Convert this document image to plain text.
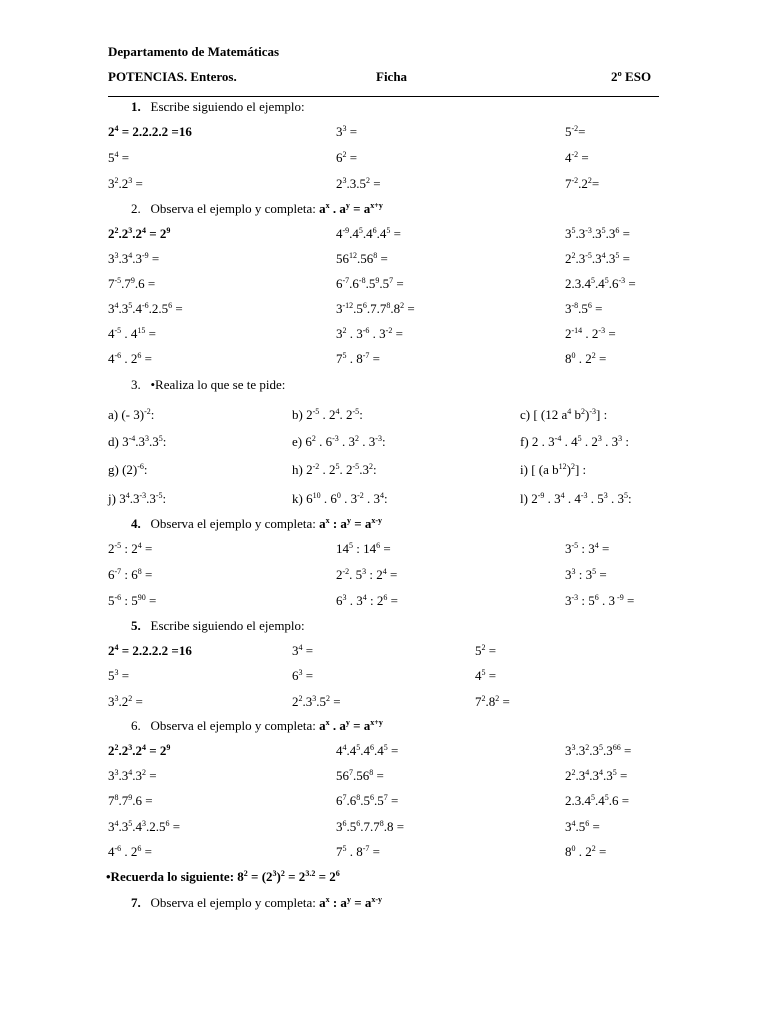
Departamento de Matemáticas
POTENCIAS. Enteros.	Ficha	2º ESO
1. Escribe siguiendo el ejemplo:
$2^4 = 2.2.2.2 =16$	$3^3$ =	$5^{-2}=$
$5^4$ =	$6^2$ =	$4^{-2}$ =
$3^2.2^3$ =	$2^3.3.5^2$ =	$7^{-2}.2^2=$
2. Observa el ejemplo y completa: $a^x$ . $a^y = a^{x+y}$
$2^2.2^3.2^4 = 2^9$	$4^{-9}.4^5.4^6.4^5$ =	$3^5.3^{-3}.3^5.3^6$ =
$3^3.3^4.3^{-9}$ =	$56^{12}.56^8$ =	$2^2.3^{-5}.3^4.3^5$ =
$7^{-5}.7^9.6$ =	$6^{-7}.6^{-8}.5^9.5^7$ =	$2.3.4^5.4^5.6^{-3}$ =
$3^4.3^5.4^{-6}.2.5^6$ =	$3^{-12}.5^6.7.7^8.8^2$ =	$3^{-8}.5^6$ =
$4^{-5}$ . $4^{15}$ =	$3^2$ . $3^{-6}$ . $3^{-2}$ =	$2^{-14}$ . $2^{-3}$ =
$4^{-6}$ . $2^6$ =	$7^5$ . $8^{-7}$ =	$8^0$ . $2^2$ =
3. •Realiza lo que se te pide:
a) (- 3)$^{-2}$:	b) $2^{-5}$ . $2^4$. $2^{-5}$:	c) [ (12 $a^4$ $b^2)^{-3}$] :
d) $3^{-4}.3^3.3^5$:	e) $6^2$ . $6^{-3}$ . $3^2$ . $3^{-3}$:	f) 2 . $3^{-4}$ . $4^5$ . $2^3$ . $3^3$ :
g) $(2)^{-6}$:	h) $2^{-2}$ . $2^5$. $2^{-5}.3^2$:	i) [ (a $b^{12})^2$] :
j) $3^4.3^{-3}.3^{-5}$:	k) $6^{10}$ . $6^0$ . $3^{-2}$ . $3^4$:	l) $2^{-9}$ . $3^4$ . $4^{-3}$ . $5^3$ . $3^5$:
4. Observa el ejemplo y completa: $a^x$ : $a^y = a^{x-y}$
$2^{-5}$ : $2^4$ =	$14^5$ : $14^6$ =	$3^{-5}$ : $3^4$ =
$6^{-7}$ : $6^8$ =	$2^{-2}$. $5^3$ : $2^4$ =	$3^3$ : $3^5$ =
$5^{-6}$ : $5^{90}$ =	$6^3$ . $3^4$ : $2^6$ =	$3^{-3}$ : $5^6$ . 3 $^{-9}$ =
5. Escribe siguiendo el ejemplo:
$2^4 = 2.2.2.2 =16$	$3^4$ =	$5^2$ =
$5^3$ =	$6^3$ =	$4^5$ =
$3^3.2^2$ =	$2^2.3^3.5^2$ =	$7^2.8^2$ =
6. Observa el ejemplo y completa: $a^x$ . $a^y = a^{x+y}$
$2^2.2^3.2^4 = 2^9$	$4^4.4^5.4^6.4^5$ =	$3^3.3^2.3^5.3^{66}$ =
$3^3.3^4.3^2$ =	$56^7.56^8$ =	$2^2.3^4.3^4.3^5$ =
$7^8.7^9.6$ =	$6^7.6^8.5^6.5^7$ =	$2.3.4^5.4^5.6$ =
$3^4.3^5.4^3.2.5^6$ =	$3^6.5^6.7.7^8.8$ =	$3^4.5^6$ =
$4^{-6}$ . $2^6$ =	$7^5$ . $8^{-7}$ =	$8^0$ . $2^2$ =
•Recuerda lo siguiente: $8^2 = (2^3)^2 = 2^{3.2} = 2^6$
7. Observa el ejemplo y completa: $a^x$ : $a^y = a^{x-y}$
